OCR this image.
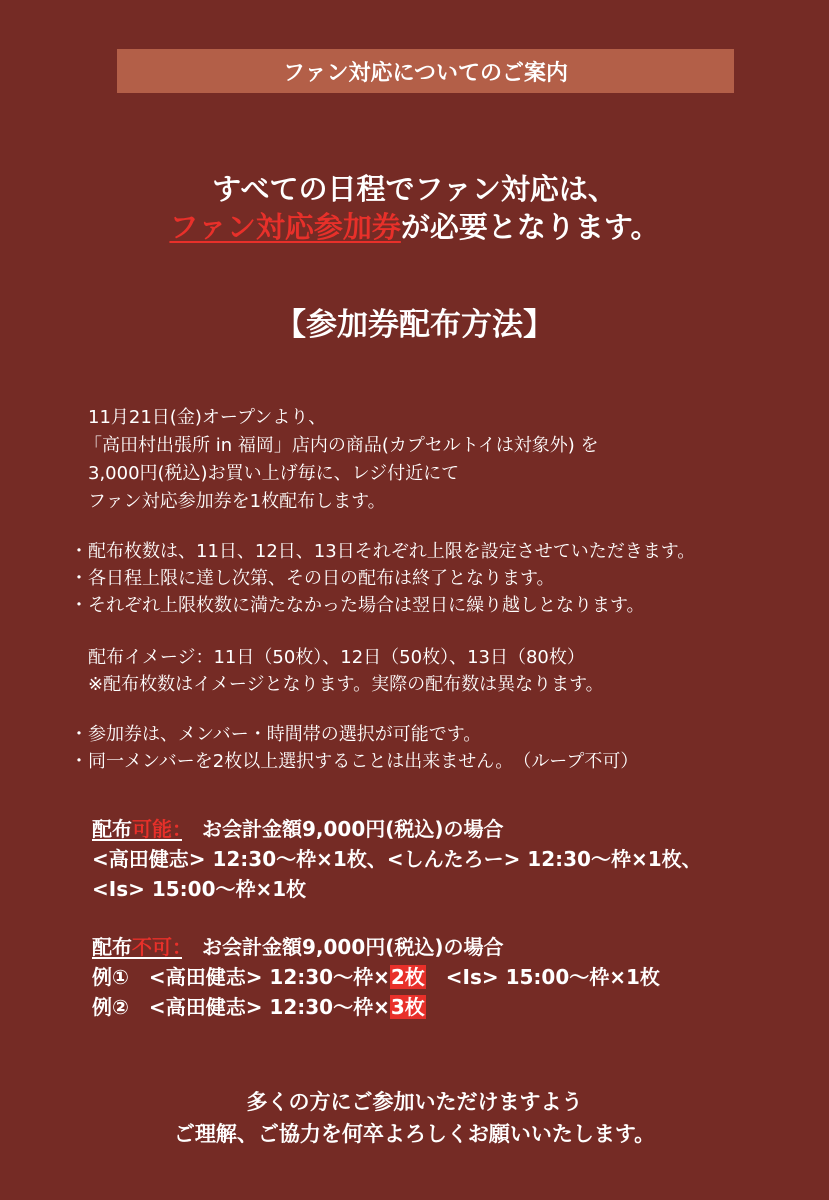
ファン対応についてのご案内
すべての日程でファン対応は、
ファン対応参加券が必要となります。
【参加券配布方法】
11月21日(金)オープンより、
「高田村出張所 in 福岡」店内の商品(カプセルトイは対象外) を
3,000円(税込)お買い上げ毎に、レジ付近にて
ファン対応参加券を1枚配布します。
・配布枚数は、11日、12日、13日それぞれ上限を設定させていただきます。
・各日程上限に達し次第、その日の配布は終了となります。
・それぞれ上限枚数に満たなかった場合は翌日に繰り越しとなります。
配布イメージ：11日（50枚）、12日（50枚）、13日（80枚）
※配布枚数はイメージとなります。実際の配布数は異なります。
・参加券は、メンバー・時間帯の選択が可能です。
・同一メンバーを2枚以上選択することは出来ません。　（ループ不可）
配布可能：　お会計金額9,000円(税込)の場合
<高田健志> 12:30〜枠×1枚、<しんたろー> 12:30〜枠×1枚、
<Is> 15:00〜枠×1枚
配布不可：　お会計金額9,000円(税込)の場合
例①　<高田健志> 12:30〜枠×2枚　<Is> 15:00〜枠×1枚
例②　<高田健志> 12:30〜枠×3枚
多くの方にご参加いただけますよう
ご理解、ご協力を何卒よろしくお願いいたします。
